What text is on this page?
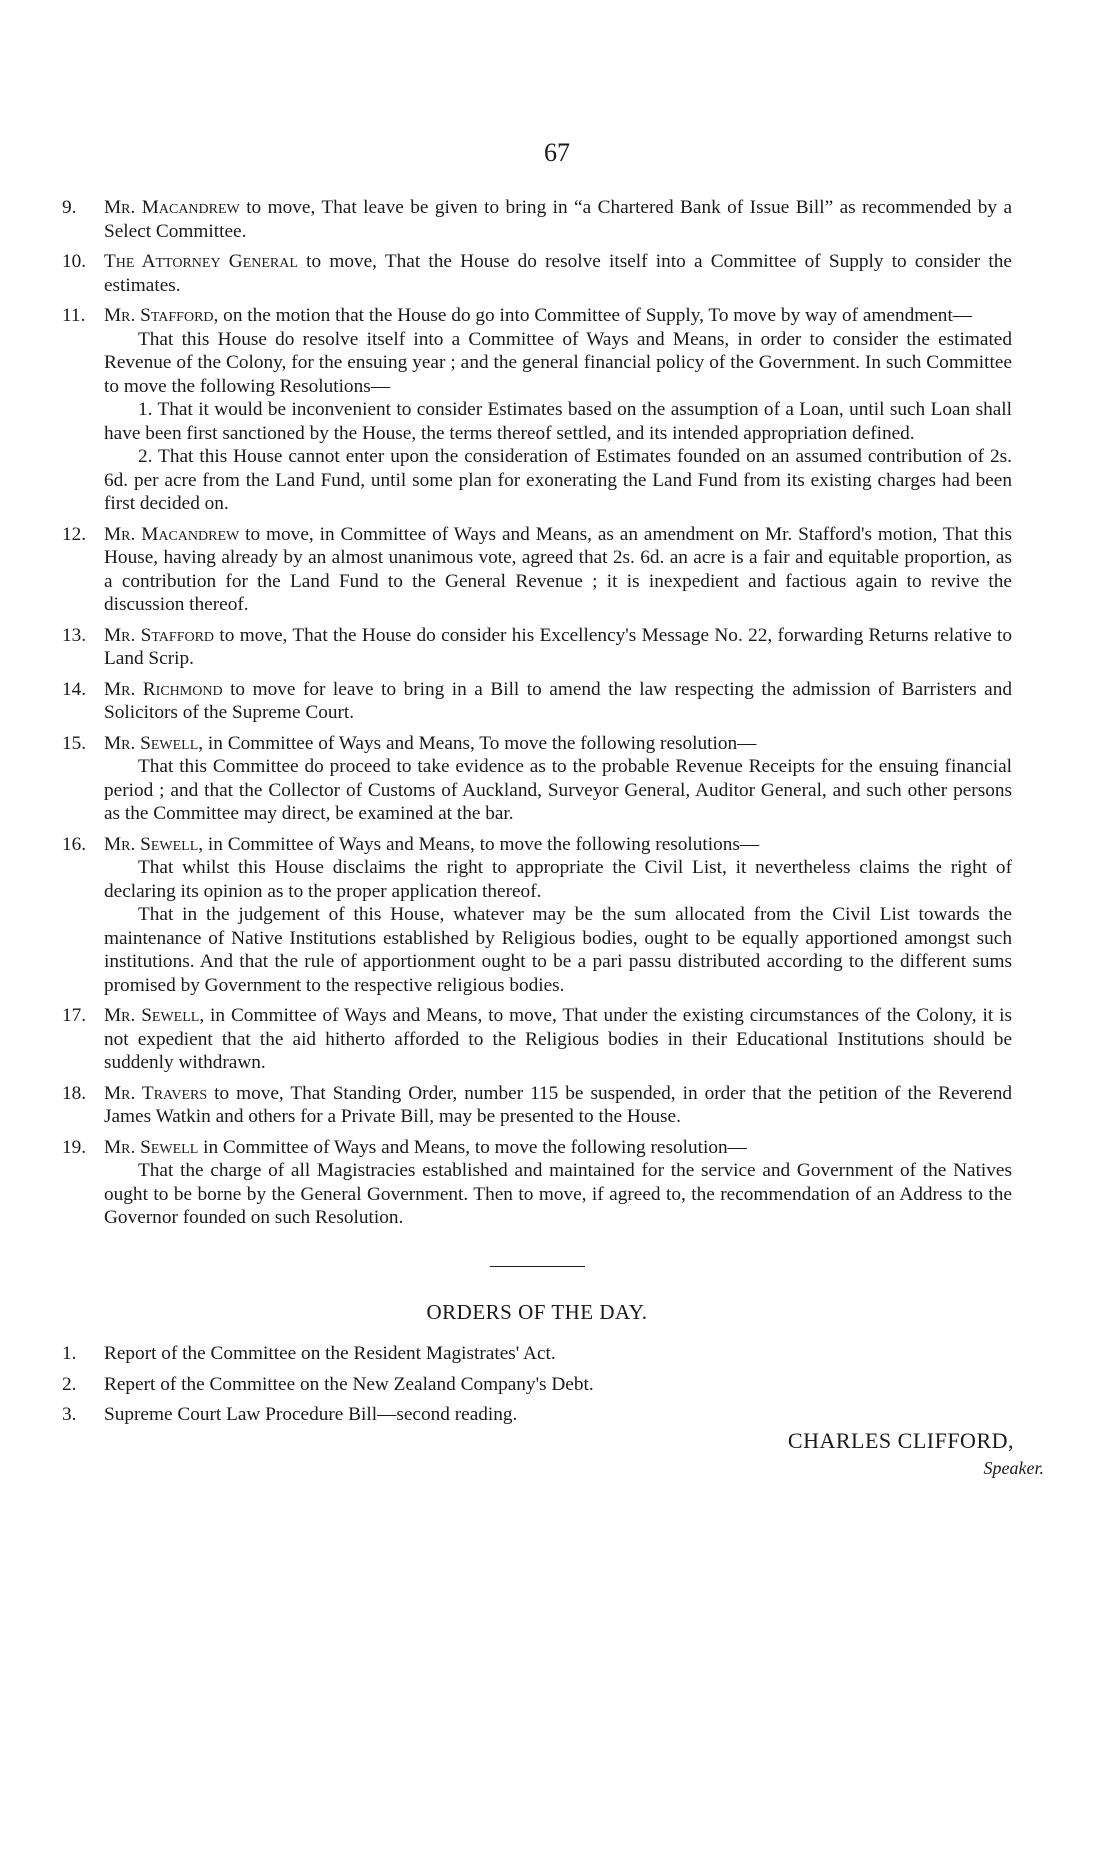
67
9.	Mr. Macandrew to move, That leave be given to bring in “a Chartered Bank of Issue Bill” as recommended by a Select Committee.
10. The Attorney General to move, That the House do resolve itself into a Committee of Supply to consider the estimates.
11. Mr. Stafford, on the motion that the House do go into Committee of Supply, To move by way of amendment—
That this House do resolve itself into a Committee of Ways and Means, in order to consider the estimated Revenue of the Colony, for the ensuing year ; and the general financial policy of the Government. In such Committee to move the following Resolutions—
1. That it would be inconvenient to consider Estimates based on the assumption of a Loan, until such Loan shall have been first sanctioned by the House, the terms thereof settled, and its intended appropriation defined.
2. That this House cannot enter upon the consideration of Estimates founded on an assumed contribution of 2s. 6d. per acre from the Land Fund, until some plan for exonerating the Land Fund from its existing charges had been first decided on.
12. Mr. Macandrew to move, in Committee of Ways and Means, as an amendment on Mr. Stafford's motion, That this House, having already by an almost unanimous vote, agreed that 2s. 6d. an acre is a fair and equitable proportion, as a contribution for the Land Fund to the General Revenue ; it is inexpedient and factious again to revive the discussion thereof.
13. Mr. Stafford to move, That the House do consider his Excellency's Message No. 22, forwarding Returns relative to Land Scrip.
14. Mr. Richmond to move for leave to bring in a Bill to amend the law respecting the admission of Barristers and Solicitors of the Supreme Court.
15. Mr. Sewell, in Committee of Ways and Means, To move the following resolution—
That this Committee do proceed to take evidence as to the probable Revenue Receipts for the ensuing financial period ; and that the Collector of Customs of Auckland, Surveyor General, Auditor General, and such other persons as the Committee may direct, be examined at the bar.
16. Mr. Sewell, in Committee of Ways and Means, to move the following resolutions—
That whilst this House disclaims the right to appropriate the Civil List, it nevertheless claims the right of declaring its opinion as to the proper application thereof.
That in the judgement of this House, whatever may be the sum allocated from the Civil List towards the maintenance of Native Institutions established by Religious bodies, ought to be equally apportioned amongst such institutions. And that the rule of apportionment ought to be a pari passu distributed according to the different sums promised by Government to the respective religious bodies.
17. Mr. Sewell, in Committee of Ways and Means, to move, That under the existing circumstances of the Colony, it is not expedient that the aid hitherto afforded to the Religious bodies in their Educational Institutions should be suddenly withdrawn.
18. Mr. Travers to move, That Standing Order, number 115 be suspended, in order that the petition of the Reverend James Watkin and others for a Private Bill, may be presented to the House.
19. Mr. Sewell in Committee of Ways and Means, to move the following resolution—
That the charge of all Magistracies established and maintained for the service and Government of the Natives ought to be borne by the General Government. Then to move, if agreed to, the recommendation of an Address to the Governor founded on such Resolution.
ORDERS OF THE DAY.
1. Report of the Committee on the Resident Magistrates' Act.
2. Repert of the Committee on the New Zealand Company's Debt.
3. Supreme Court Law Procedure Bill—second reading.
CHARLES CLIFFORD,
Speaker.
